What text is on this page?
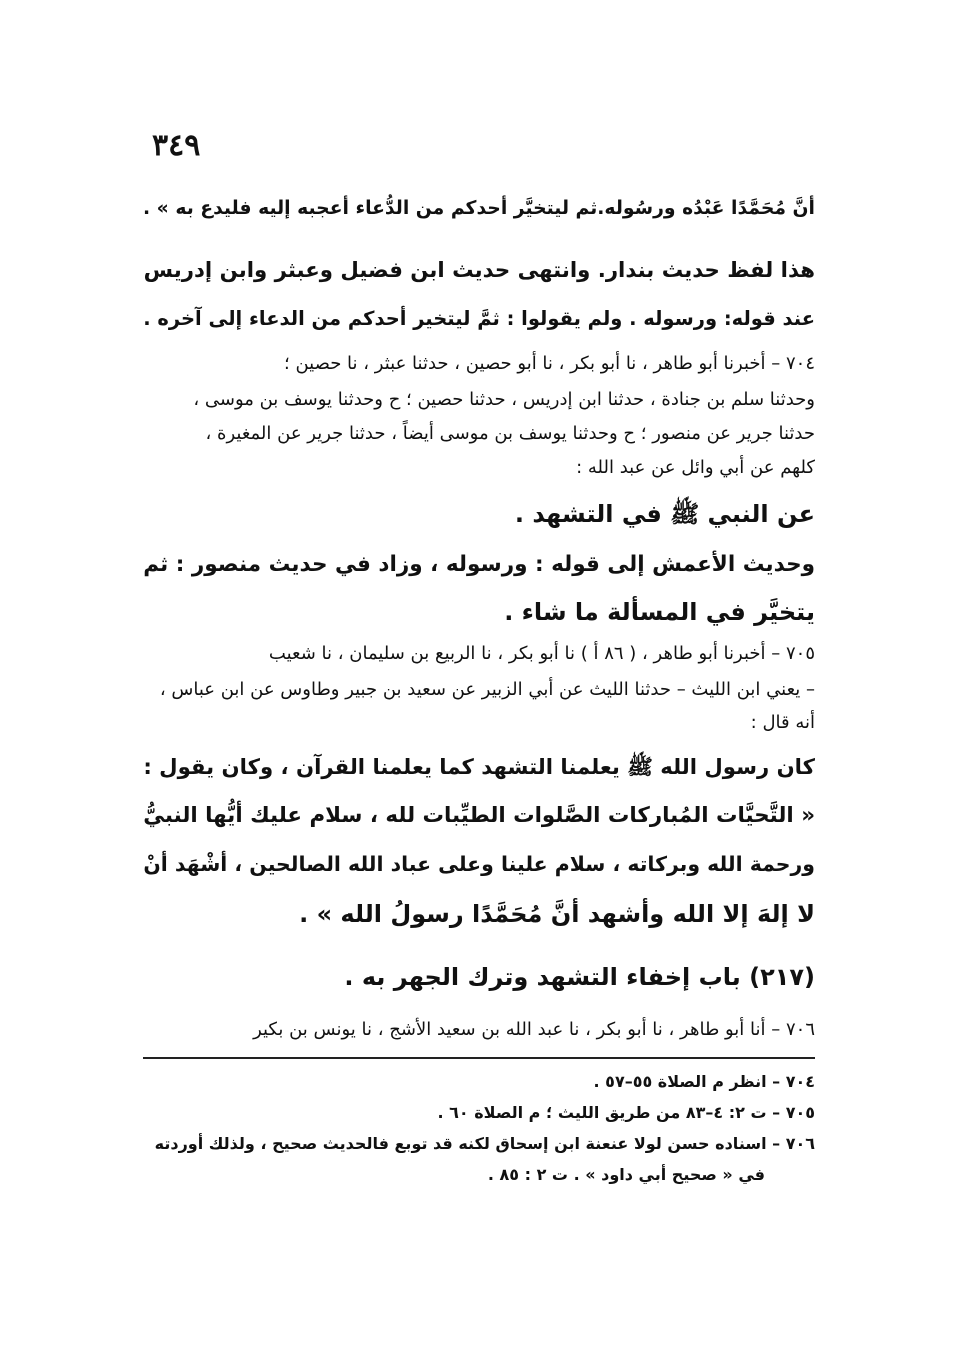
٣٤٩
أنَّ مُحَمَّدًا عَبْدُه ورسُوله.ثم ليتخيَّر أحدكم من الدُّعاء أعجبه إليه فليدع به » .
هذا لفظ حديث بندار. وانتهى حديث ابن فضيل وعبثر وابن إدريس
عند قوله: ورسوله . ولم يقولوا : ثمَّ ليتخير أحدكم من الدعاء إلى آخره .
٧٠٤ – أخبرنا أبو طاهر ، نا أبو بكر ، نا أبو حصين ، حدثنا عبثر ، نا حصين ؛
وحدثنا سلم بن جنادة ، حدثنا ابن إدريس ، حدثنا حصين ؛ ح وحدثنا يوسف بن موسى ،
حدثنا جرير عن منصور ؛ ح وحدثنا يوسف بن موسى أيضاً ، حدثنا جرير عن المغيرة ،
كلهم عن أبي وائل عن عبد الله :
عن النبي ﷺ في التشهد .
وحديث الأعمش إلى قوله : ورسوله ، وزاد في حديث منصور : ثم
يتخيَّر في المسألة ما شاء .
٧٠٥ – أخبرنا أبو طاهر ، ( ٨٦ أ ) نا أبو بكر ، نا الربيع بن سليمان ، نا شعيب
– يعني ابن الليث – حدثنا الليث عن أبي الزبير عن سعيد بن جبير وطاوس عن ابن عباس ،
أنه قال :
كان رسول الله ﷺ يعلمنا التشهد كما يعلمنا القرآن ، وكان يقول :
« التَّحيَّات المُباركات الصَّلوات الطيِّبات لله ، سلام عليك أيُّها النبيُّ
ورحمة الله وبركاته ، سلام علينا وعلى عباد الله الصالحين ، أشْهَد أنْ
لا إلهَ إلا الله وأشهد أنَّ مُحَمَّدًا رسولُ الله » .
(٢١٧) باب إخفاء التشهد وترك الجهر به .
٧٠٦ – أنا أبو طاهر ، نا أبو بكر ، نا عبد الله بن سعيد الأشج ، نا يونس بن بكير
٧٠٤ – انظر م الصلاة ٥٥–٥٧ .
٧٠٥ – ت ٢: ٤–٨٣ من طريق الليث ؛ م الصلاة ٦٠ .
٧٠٦ – اسناده حسن لولا عنعنة ابن إسحاق لكنه قد توبع فالحديث صحيح ، ولذلك أوردته
في « صحيح أبي داود » . ت ٢ : ٨٥ .
